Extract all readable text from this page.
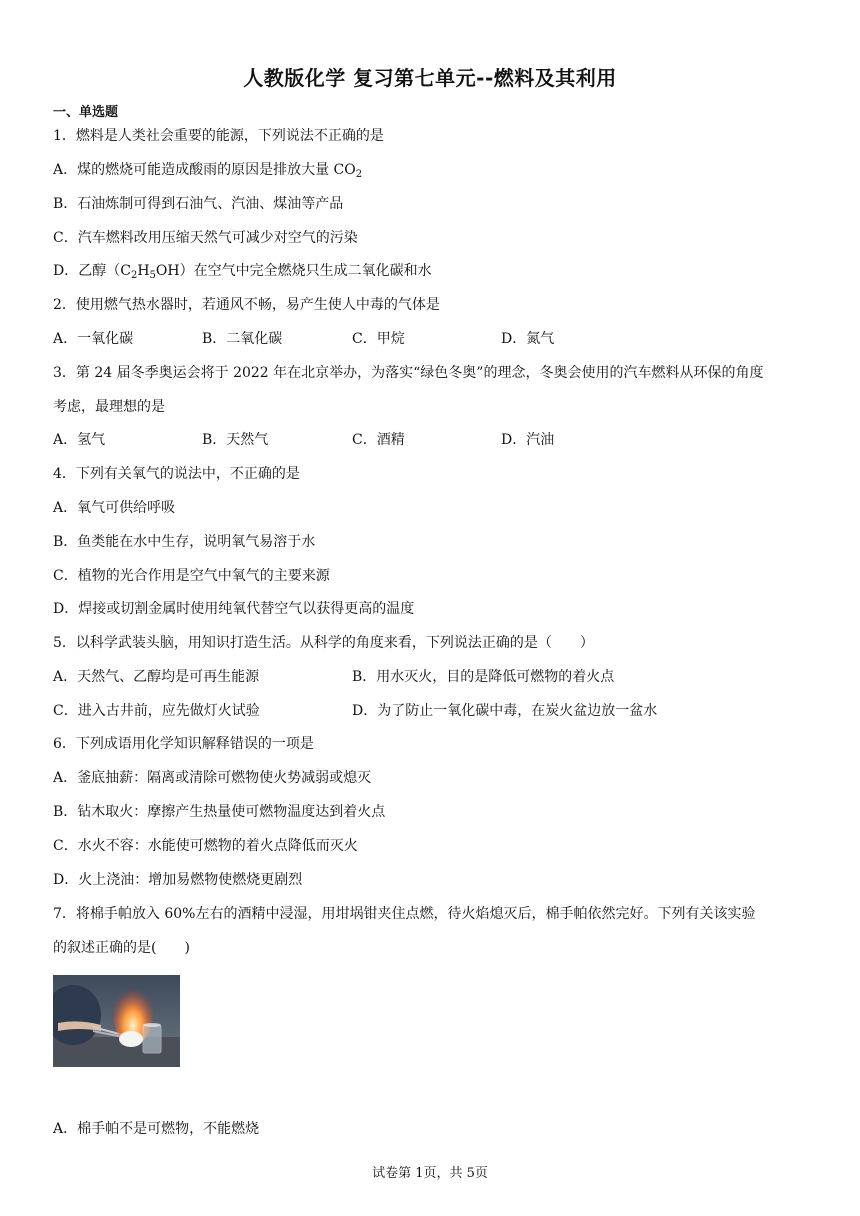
人教版化学 复习第七单元--燃料及其利用
一、单选题
1．燃料是人类社会重要的能源，下列说法不正确的是
A．煤的燃烧可能造成酸雨的原因是排放大量 $CO_2$
B．石油炼制可得到石油气、汽油、煤油等产品
C．汽车燃料改用压缩天然气可减少对空气的污染
D．乙醇$(C_2H_5OH)$在空气中完全燃烧只生成二氧化碳和水
2．使用燃气热水器时，若通风不畅，易产生使人中毒的气体是
A．一氧化碳	B．二氧化碳	C．甲烷	D．氮气
3．第 24 届冬季奥运会将于 2022 年在北京举办，为落实“绿色冬奥”的理念，冬奥会使用的汽车燃料从环保的角度
考虑，最理想的是
A．氢气	B．天然气	C．酒精	D．汽油
4．下列有关氧气的说法中，不正确的是
A．氧气可供给呼吸
B．鱼类能在水中生存，说明氧气易溶于水
C．植物的光合作用是空气中氧气的主要来源
D．焊接或切割金属时使用纯氧代替空气以获得更高的温度
5．以科学武装头脑，用知识打造生活。从科学的角度来看，下列说法正确的是（　　）
A．天然气、乙醇均是可再生能源	B．用水灭火，目的是降低可燃物的着火点
C．进入古井前，应先做灯火试验	D．为了防止一氧化碳中毒，在炭火盆边放一盆水
6．下列成语用化学知识解释错误的一项是
A．釜底抽薪：隔离或清除可燃物使火势减弱或熄灭
B．钻木取火：摩擦产生热量使可燃物温度达到着火点
C．水火不容：水能使可燃物的着火点降低而灭火
D．火上浇油：增加易燃物使燃烧更剧烈
7．将棉手帕放入 60%左右的酒精中浸湿，用坩埚钳夹住点燃，待火焰熄灭后，棉手帕依然完好。下列有关该实验
的叙述正确的是(　　)
A．棉手帕不是可燃物，不能燃烧
试卷第 1页，共 5页
